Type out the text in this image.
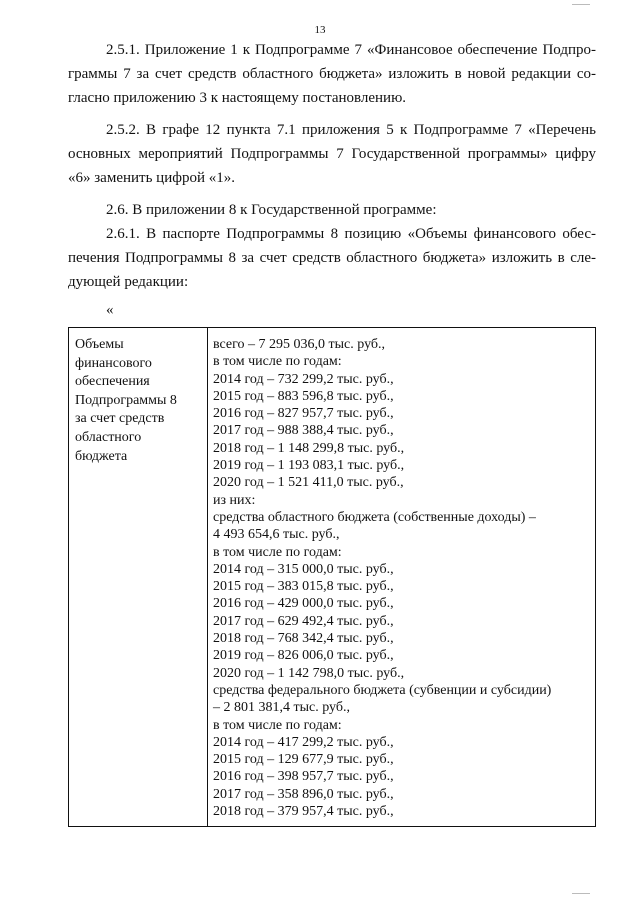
13

2.5.1. Приложение 1 к Подпрограмме 7 «Финансовое обеспечение Подпро-
граммы 7 за счет средств областного бюджета» изложить в новой редакции со-
гласно приложению 3 к настоящему постановлению.

2.5.2. В графе 12 пункта 7.1 приложения 5 к Подпрограмме 7 «Перечень
основных мероприятий Подпрограммы 7 Государственной программы» цифру
«6» заменить цифрой «1».

2.6. В приложении 8 к Государственной программе:

2.6.1. В паспорте Подпрограммы 8 позицию «Объемы финансового обес-
печения Подпрограммы 8 за счет средств областного бюджета» изложить в сле-
дующей редакции:

«
Объемы
финансового
обеспечения
Подпрограммы 8
за счет средств
областного
бюджета
всего – 7 295 036,0 тыс. руб.,
в том числе по годам:
2014 год – 732 299,2 тыс. руб.,
2015 год – 883 596,8 тыс. руб.,
2016 год – 827 957,7 тыс. руб.,
2017 год – 988 388,4 тыс. руб.,
2018 год – 1 148 299,8 тыс. руб.,
2019 год – 1 193 083,1 тыс. руб.,
2020 год – 1 521 411,0 тыс. руб.,
из них:
средства областного бюджета (собственные доходы) –
4 493 654,6 тыс. руб.,
в том числе по годам:
2014 год – 315 000,0 тыс. руб.,
2015 год – 383 015,8 тыс. руб.,
2016 год – 429 000,0 тыс. руб.,
2017 год – 629 492,4 тыс. руб.,
2018 год – 768 342,4 тыс. руб.,
2019 год – 826 006,0 тыс. руб.,
2020 год – 1 142 798,0 тыс. руб.,
средства федерального бюджета (субвенции и субсидии)
– 2 801 381,4 тыс. руб.,
в том числе по годам:
2014 год – 417 299,2 тыс. руб.,
2015 год – 129 677,9 тыс. руб.,
2016 год – 398 957,7 тыс. руб.,
2017 год – 358 896,0 тыс. руб.,
2018 год – 379 957,4 тыс. руб.,
